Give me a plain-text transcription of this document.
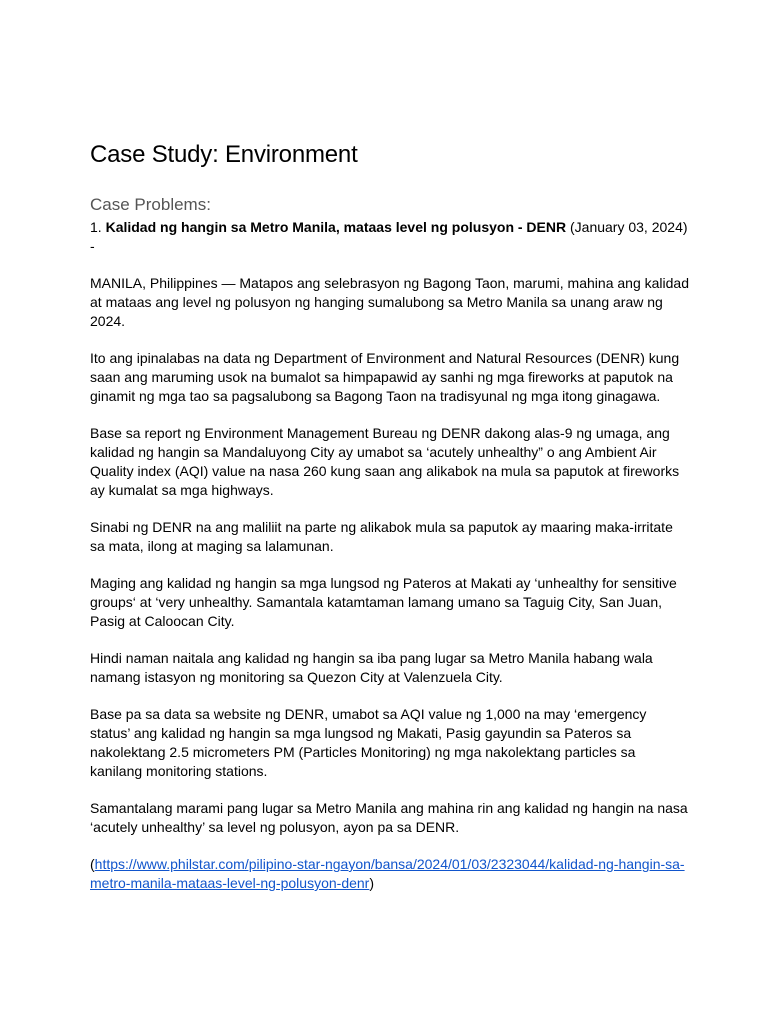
Case Study: Environment
Case Problems:

1. Kalidad ng hangin sa Metro Manila, mataas level ng polusyon - DENR (January 03, 2024) -

MANILA, Philippines — Matapos ang selebrasyon ng Bagong Taon, marumi, mahina ang kalidad at mataas ang level ng polusyon ng hanging sumalubong sa Metro Manila sa unang araw ng 2024.

Ito ang ipinalabas na data ng Department of Environment and Natural Resources (DENR) kung saan ang maruming usok na bumalot sa himpapawid ay sanhi ng mga fireworks at paputok na ginamit ng mga tao sa pagsalubong sa Bagong Taon na tradisyunal ng mga itong ginagawa.

Base sa report ng Environment Management Bureau ng DENR dakong alas-9 ng umaga, ang kalidad ng hangin sa Mandaluyong City ay umabot sa ‘acutely unhealthy” o ang Ambient Air Quality index (AQI) value na nasa 260 kung saan ang alikabok na mula sa paputok at fireworks ay kumalat sa mga highways.

Sinabi ng DENR na ang maliliit na parte ng alikabok mula sa paputok ay maaring maka-irritate sa mata, ilong at maging sa lalamunan.

Maging ang kalidad ng hangin sa mga lungsod ng Pateros at Makati ay ‘unhealthy for sensitive groups‘ at ‘very unhealthy. Samantala katamtaman lamang umano sa Taguig City, San Juan, Pasig at Caloocan City.

Hindi naman naitala ang kalidad ng hangin sa iba pang lugar sa Metro Manila habang wala namang istasyon ng monitoring sa Quezon City at Valenzuela City.

Base pa sa data sa website ng DENR, umabot sa AQI value ng 1,000 na may ‘emergency status’ ang kalidad ng hangin sa mga lungsod ng Makati, Pasig gayundin sa Pateros sa nakolektang 2.5 micrometers PM (Particles Monitoring) ng mga nakolektang particles sa kanilang monitoring stations.

Samantalang marami pang lugar sa Metro Manila ang mahina rin ang kalidad ng hangin na nasa ‘acutely unhealthy’ sa level ng polusyon, ayon pa sa DENR.

(https://www.philstar.com/pilipino-star-ngayon/bansa/2024/01/03/2323044/kalidad-ng-hangin-sa-metro-manila-mataas-level-ng-polusyon-denr)
